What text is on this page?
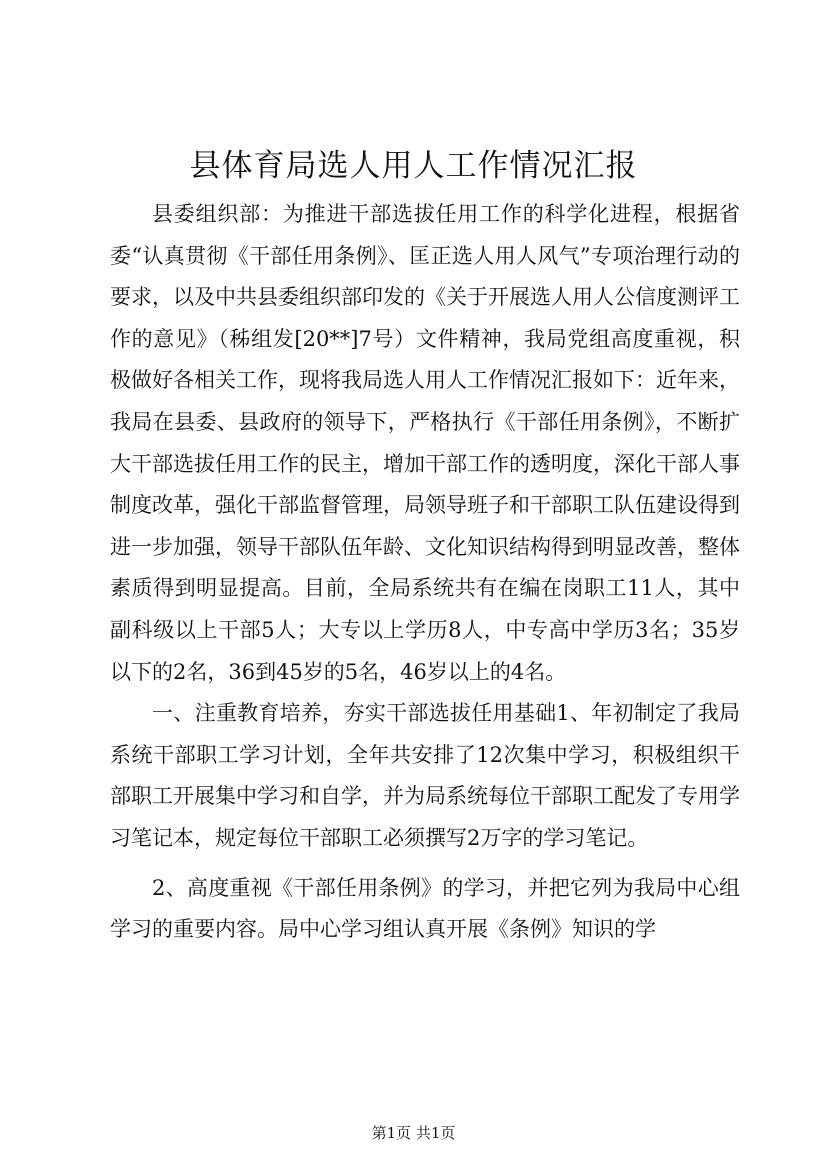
县体育局选人用人工作情况汇报

县委组织部：为推进干部选拔任用工作的科学化进程，根据省委“认真贯彻《干部任用条例》、匡正选人用人风气”专项治理行动的要求，以及中共县委组织部印发的《关于开展选人用人公信度测评工作的意见》（秭组发[20**]7号）文件精神，我局党组高度重视，积极做好各相关工作，现将我局选人用人工作情况汇报如下：近年来，我局在县委、县政府的领导下，严格执行《干部任用条例》，不断扩大干部选拔任用工作的民主，增加干部工作的透明度，深化干部人事制度改革，强化干部监督管理，局领导班子和干部职工队伍建设得到进一步加强，领导干部队伍年龄、文化知识结构得到明显改善，整体素质得到明显提高。目前，全局系统共有在编在岗职工11人，其中副科级以上干部5人；大专以上学历8人，中专高中学历3名；35岁以下的2名，36到45岁的5名，46岁以上的4名。

一、注重教育培养，夯实干部选拔任用基础1、年初制定了我局系统干部职工学习计划，全年共安排了12次集中学习，积极组织干部职工开展集中学习和自学，并为局系统每位干部职工配发了专用学习笔记本，规定每位干部职工必须撰写2万字的学习笔记。

2、高度重视《干部任用条例》的学习，并把它列为我局中心组学习的重要内容。局中心学习组认真开展《条例》知识的学

第1页 共1页
